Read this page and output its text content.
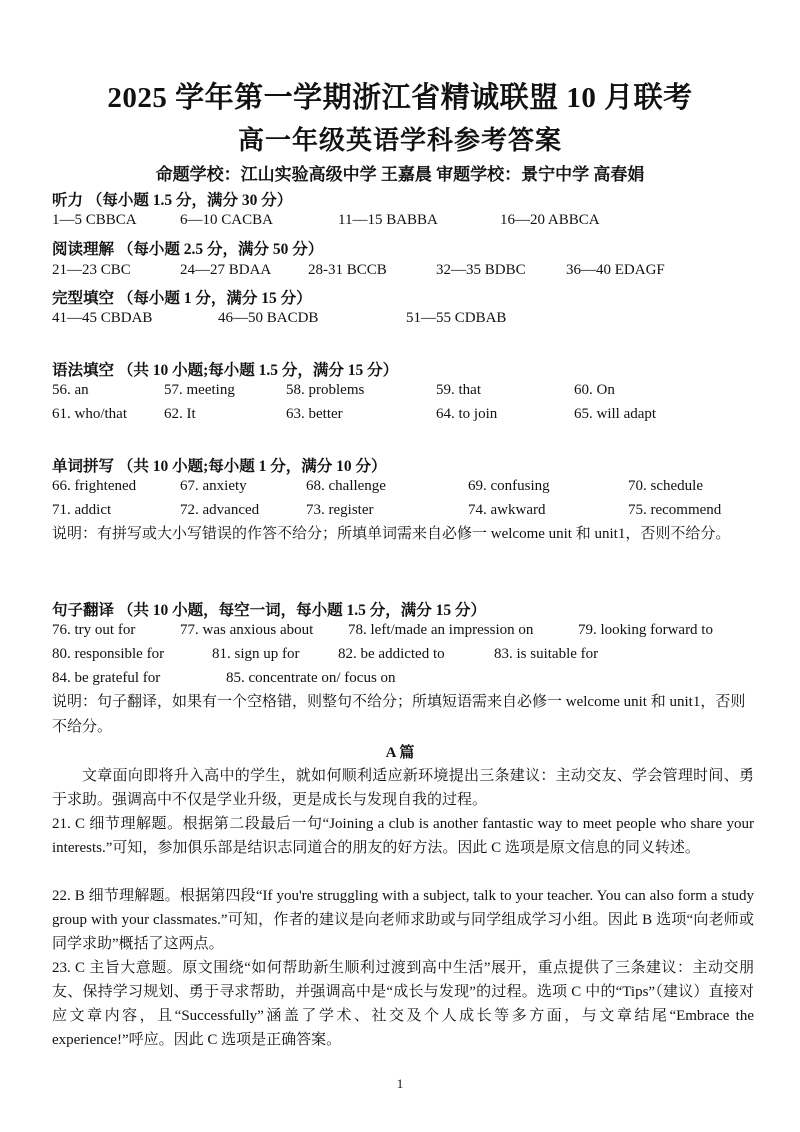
2025 学年第一学期浙江省精诚联盟 10 月联考
高一年级英语学科参考答案
命题学校：江山实验高级中学 王嘉晨 审题学校：景宁中学 高春娟
听力 （每小题 1.5 分，满分 30 分）
1—5 CBBCA	6—10 CACBA	11—15 BABBA	16—20 ABBCA
阅读理解 （每小题 2.5 分，满分 50 分）
21—23 CBC	24—27 BDAA 28-31 BCCB	32—35 BDBC	36—40 EDAGF
完型填空 （每小题 1 分，满分 15 分）
41—45 CBDAB	46—50 BACDB	51—55 CDBAB
语法填空 （共 10 小题;每小题 1.5 分，满分 15 分）
56. an	57. meeting	58. problems	59. that	60. On
61. who/that 62. It	63. better	64. to join	65. will adapt
单词拼写 （共 10 小题;每小题 1 分，满分 10 分）
66. frightened	67. anxiety	68. challenge	69. confusing	70. schedule
71. addict	72. advanced	73. register	74. awkward	75. recommend
说明：有拼写或大小写错误的作答不给分；所填单词需来自必修一 welcome unit 和 unit1，否则不给分。
句子翻译 （共 10 小题，每空一词，每小题 1.5 分，满分 15 分）
76. try out for	77. was anxious about 78. left/made an impression on	79. looking forward to
80. responsible for	81. sign up for	82. be addicted to	83. is suitable for
84. be grateful for	85. concentrate on/ focus on
说明：句子翻译，如果有一个空格错，则整句不给分；所填短语需来自必修一 welcome unit 和 unit1，否则不给分。
A 篇
文章面向即将升入高中的学生，就如何顺利适应新环境提出三条建议：主动交友、学会管理时间、勇于求助。强调高中不仅是学业升级，更是成长与发现自我的过程。
21. C 细节理解题。根据第二段最后一句“Joining a club is another fantastic way to meet people who share your interests.”可知，参加俱乐部是结识志同道合的朋友的好方法。因此 C 选项是原文信息的同义转述。
22. B 细节理解题。根据第四段“If you're struggling with a subject, talk to your teacher. You can also form a study group with your classmates.”可知，作者的建议是向老师求助或与同学组成学习小组。因此 B 选项“向老师或同学求助”概括了这两点。
23. C 主旨大意题。原文围绕“如何帮助新生顺利过渡到高中生活”展开，重点提供了三条建议：主动交朋友、保持学习规划、勇于寻求帮助，并强调高中是“成长与发现”的过程。选项 C 中的“Tips”（建议）直接对应文章内容，且“Successfully”涵盖了学术、社交及个人成长等多方面，与文章结尾“Embrace the experience!”呼应。因此 C 选项是正确答案。
1
